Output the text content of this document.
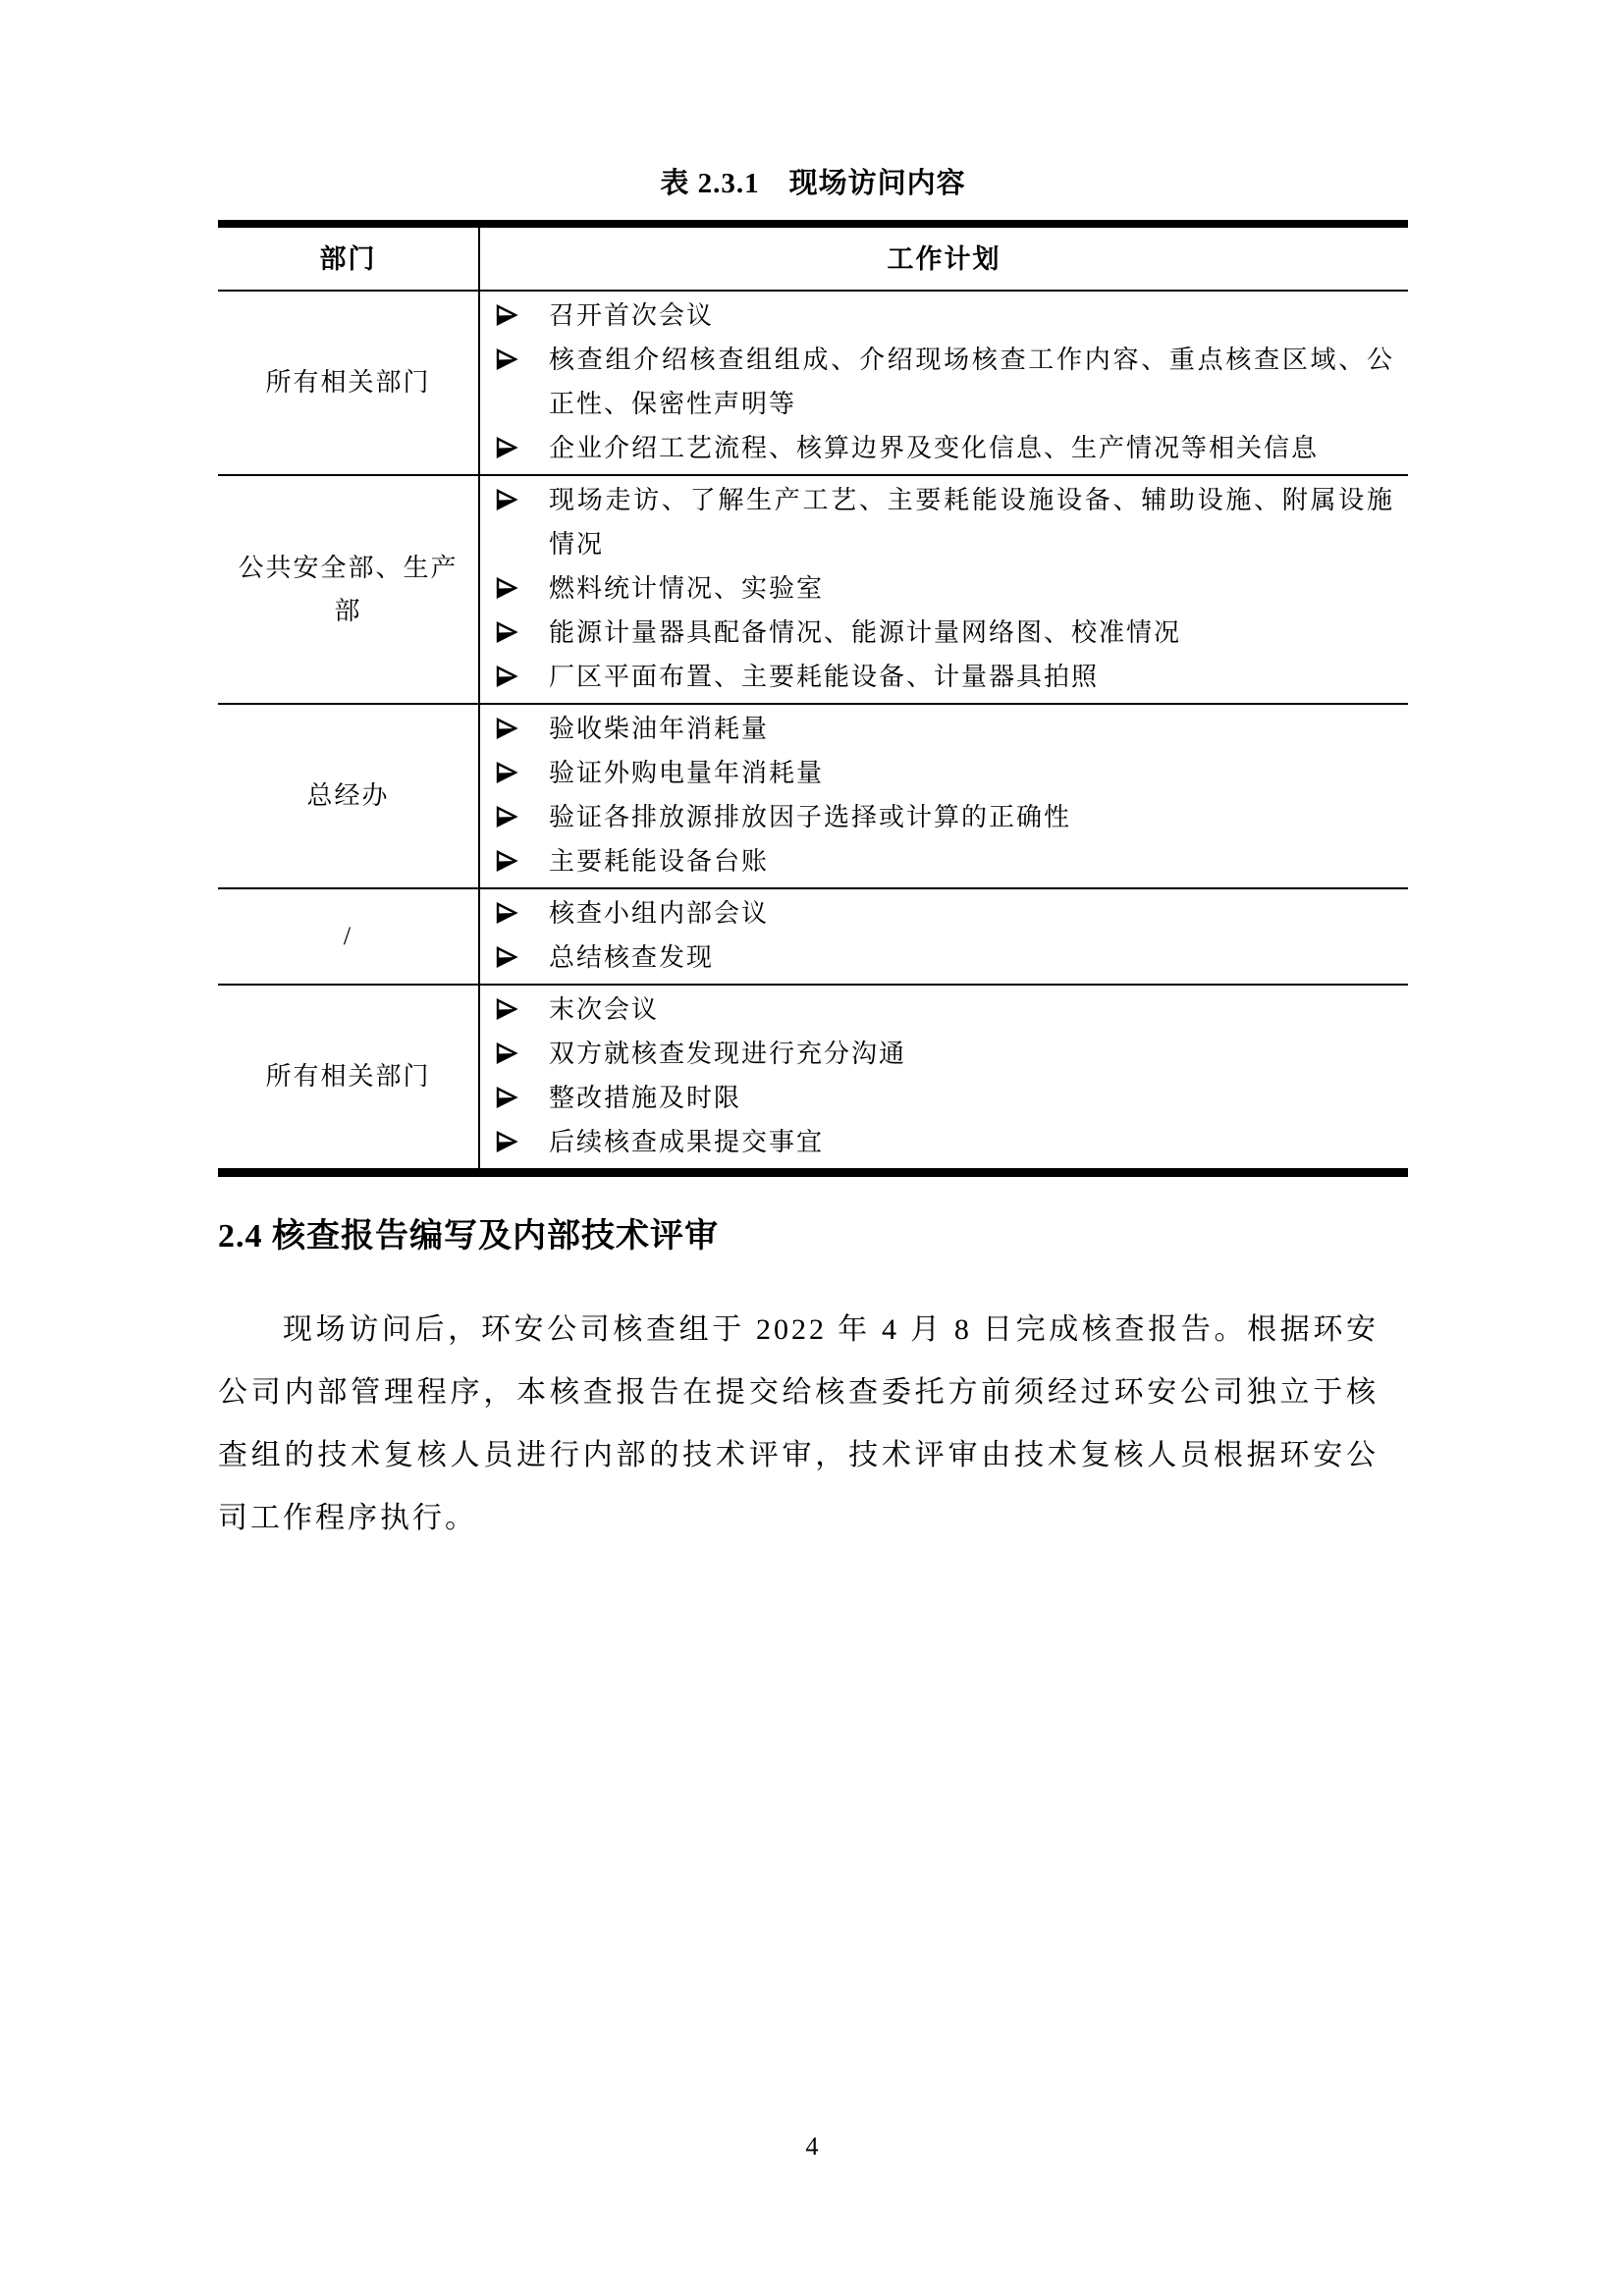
表 2.3.1　现场访问内容
部门	工作计划
所有相关部门
召开首次会议
核查组介绍核查组组成、介绍现场核查工作内容、重点核查区域、公正性、保密性声明等
企业介绍工艺流程、核算边界及变化信息、生产情况等相关信息
公共安全部、生产部
现场走访、了解生产工艺、主要耗能设施设备、辅助设施、附属设施情况
燃料统计情况、实验室
能源计量器具配备情况、能源计量网络图、校准情况
厂区平面布置、主要耗能设备、计量器具拍照
总经办
验收柴油年消耗量
验证外购电量年消耗量
验证各排放源排放因子选择或计算的正确性
主要耗能设备台账
/
核查小组内部会议
总结核查发现
所有相关部门
末次会议
双方就核查发现进行充分沟通
整改措施及时限
后续核查成果提交事宜
2.4 核查报告编写及内部技术评审
现场访问后，环安公司核查组于 2022 年 4 月 8 日完成核查报告。根据环安公司内部管理程序，本核查报告在提交给核查委托方前须经过环安公司独立于核查组的技术复核人员进行内部的技术评审，技术评审由技术复核人员根据环安公司工作程序执行。
4
